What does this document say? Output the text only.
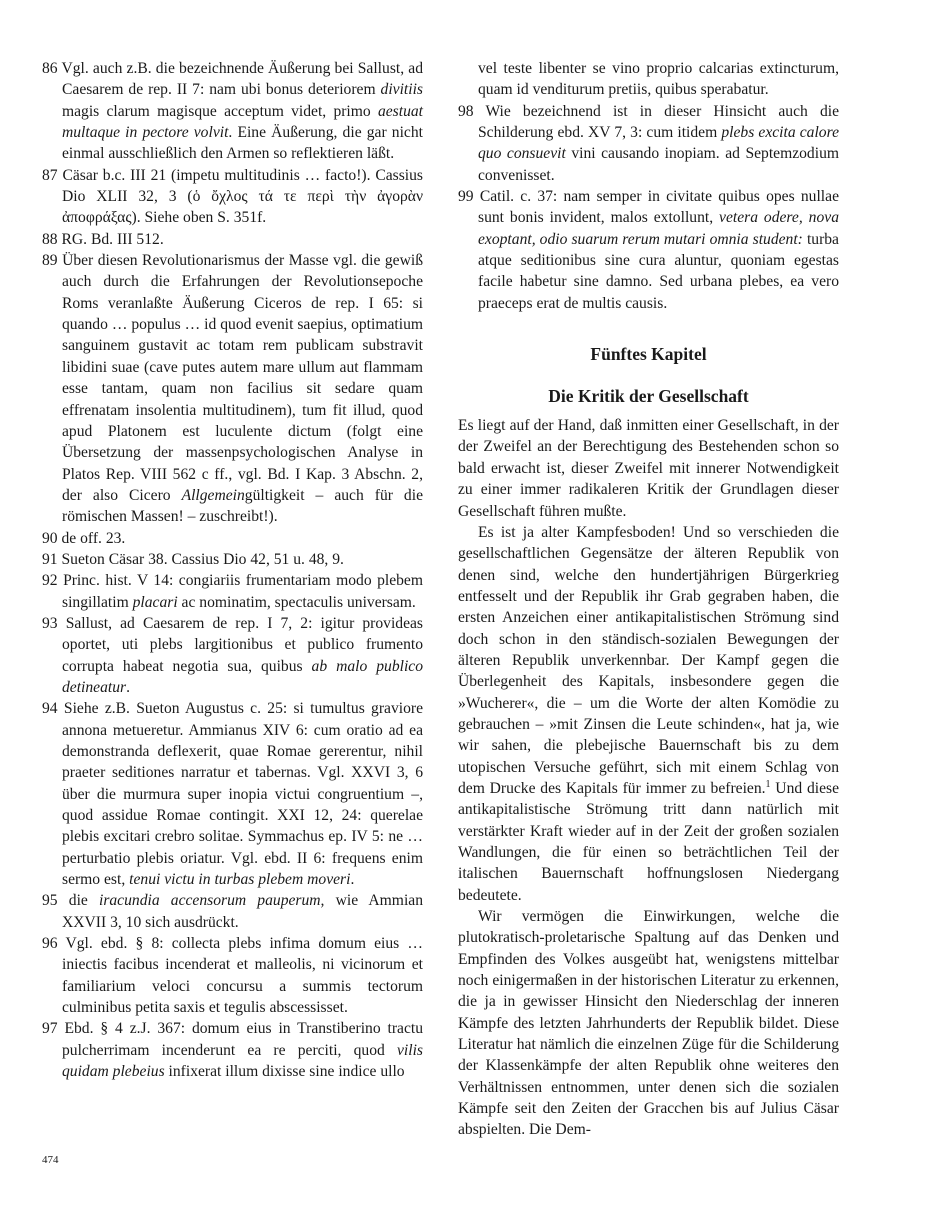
86 Vgl. auch z.B. die bezeichnende Äußerung bei Sallust, ad Caesarem de rep. II 7: nam ubi bonus deteriorem divitiis magis clarum magisque acceptum videt, primo aestuat multaque in pectore volvit. Eine Äußerung, die gar nicht einmal ausschließlich den Armen so reflektieren läßt.

87 Cäsar b.c. III 21 (impetu multitudinis … facto!). Cassius Dio XLII 32, 3 (ὁ ὄχλος τά τε περὶ τὴν ἀγορὰν ἀποφράξας). Siehe oben S. 351f.

88 RG. Bd. III 512.

89 Über diesen Revolutionarismus der Masse vgl. die gewiß auch durch die Erfahrungen der Revolutionsepoche Roms veranlaßte Äußerung Ciceros de rep. I 65: si quando … populus … id quod evenit saepius, optimatium sanguinem gustavit ac totam rem publicam substravit libidini suae (cave putes autem mare ullum aut flammam esse tantam, quam non facilius sit sedare quam effrenatam insolentia multitudinem), tum fit illud, quod apud Platonem est luculente dictum (folgt eine Übersetzung der massenpsychologischen Analyse in Platos Rep. VIII 562 c ff., vgl. Bd. I Kap. 3 Abschn. 2, der also Cicero Allgemeingültigkeit – auch für die römischen Massen! – zuschreibt!).

90 de off. 23.

91 Sueton Cäsar 38. Cassius Dio 42, 51 u. 48, 9.

92 Princ. hist. V 14: congiariis frumentariam modo plebem singillatim placari ac nominatim, spectaculis universam.

93 Sallust, ad Caesarem de rep. I 7, 2: igitur provideas oportet, uti plebs largitionibus et publico frumento corrupta habeat negotia sua, quibus ab malo publico detineatur.

94 Siehe z.B. Sueton Augustus c. 25: si tumultus graviore annona metueretur. Ammianus XIV 6: cum oratio ad ea demonstranda deflexerit, quae Romae gererentur, nihil praeter seditiones narratur et tabernas. Vgl. XXVI 3, 6 über die murmura super inopia victui congruentium –, quod assidue Romae contingit. XXI 12, 24: querelae plebis excitari crebro solitae. Symmachus ep. IV 5: ne … perturbatio plebis oriatur. Vgl. ebd. II 6: frequens enim sermo est, tenui victu in turbas plebem moveri.

95 die iracundia accensorum pauperum, wie Ammian XXVII 3, 10 sich ausdrückt.

96 Vgl. ebd. § 8: collecta plebs infima domum eius … iniectis facibus incenderat et malleolis, ni vicinorum et familiarium veloci concursu a summis tectorum culminibus petita saxis et tegulis abscessisset.

97 Ebd. § 4 z.J. 367: domum eius in Transtiberino tractu pulcherrimam incenderunt ea re perciti, quod vilis quidam plebeius infixerat illum dixisse sine indice ullo

vel teste libenter se vino proprio calcarias extincturum, quam id venditurum pretiis, quibus sperabatur.

98 Wie bezeichnend ist in dieser Hinsicht auch die Schilderung ebd. XV 7, 3: cum itidem plebs excita calore quo consuevit vini causando inopiam. ad Septemzodium convenisset.

99 Catil. c. 37: nam semper in civitate quibus opes nullae sunt bonis invident, malos extollunt, vetera odere, nova exoptant, odio suarum rerum mutari omnia student: turba atque seditionibus sine cura aluntur, quoniam egestas facile habetur sine damno. Sed urbana plebes, ea vero praeceps erat de multis causis.

Fünftes Kapitel

Die Kritik der Gesellschaft

Es liegt auf der Hand, daß inmitten einer Gesellschaft, in der der Zweifel an der Berechtigung des Bestehenden schon so bald erwacht ist, dieser Zweifel mit innerer Notwendigkeit zu einer immer radikaleren Kritik der Grundlagen dieser Gesellschaft führen mußte.

Es ist ja alter Kampfesboden! Und so verschieden die gesellschaftlichen Gegensätze der älteren Republik von denen sind, welche den hundertjährigen Bürgerkrieg entfesselt und der Republik ihr Grab gegraben haben, die ersten Anzeichen einer antikapitalistischen Strömung sind doch schon in den ständisch-sozialen Bewegungen der älteren Republik unverkennbar. Der Kampf gegen die Überlegenheit des Kapitals, insbesondere gegen die »Wucherer«, die – um die Worte der alten Komödie zu gebrauchen – »mit Zinsen die Leute schinden«, hat ja, wie wir sahen, die plebejische Bauernschaft bis zu dem utopischen Versuche geführt, sich mit einem Schlag von dem Drucke des Kapitals für immer zu befreien.$^1$ Und diese antikapitalistische Strömung tritt dann natürlich mit verstärkter Kraft wieder auf in der Zeit der großen sozialen Wandlungen, die für einen so beträchtlichen Teil der italischen Bauernschaft hoffnungslosen Niedergang bedeutete.

Wir vermögen die Einwirkungen, welche die plutokratisch-proletarische Spaltung auf das Denken und Empfinden des Volkes ausgeübt hat, wenigstens mittelbar noch einigermaßen in der historischen Literatur zu erkennen, die ja in gewisser Hinsicht den Niederschlag der inneren Kämpfe des letzten Jahrhunderts der Republik bildet. Diese Literatur hat nämlich die einzelnen Züge für die Schilderung der Klassenkämpfe der alten Republik ohne weiteres den Verhältnissen entnommen, unter denen sich die sozialen Kämpfe seit den Zeiten der Gracchen bis auf Julius Cäsar abspielten. Die Dem-

474
